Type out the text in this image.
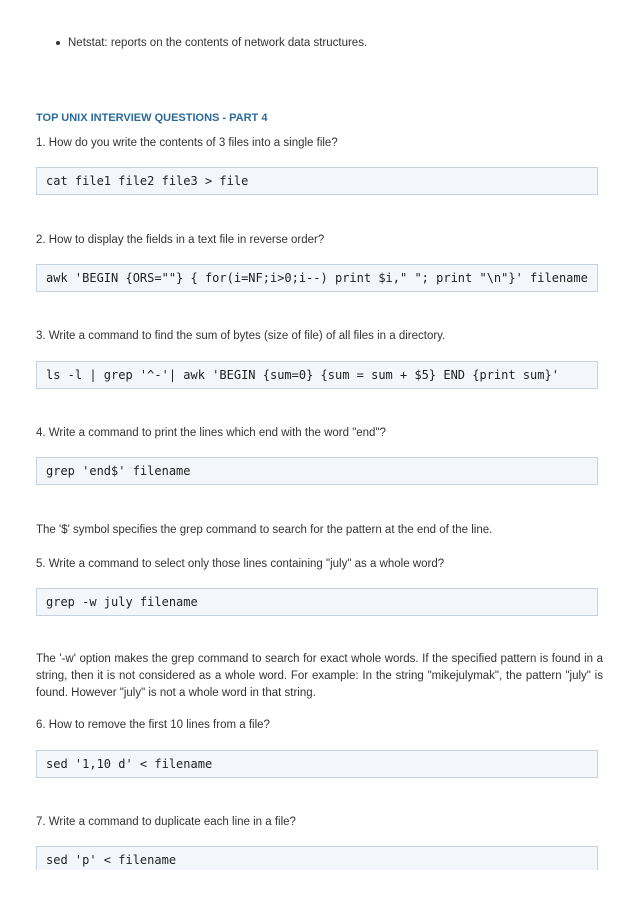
Netstat: reports on the contents of network data structures.
TOP UNIX INTERVIEW QUESTIONS - PART 4
1. How do you write the contents of 3 files into a single file?
cat file1 file2 file3 > file
2. How to display the fields in a text file in reverse order?
awk 'BEGIN {ORS=""} { for(i=NF;i>0;i--) print $i," "; print "\n"}' filename
3. Write a command to find the sum of bytes (size of file) of all files in a directory.
ls -l | grep '^-'| awk 'BEGIN {sum=0} {sum = sum + $5} END {print sum}'
4. Write a command to print the lines which end with the word "end"?
grep 'end$' filename
The '$' symbol specifies the grep command to search for the pattern at the end of the line.
5. Write a command to select only those lines containing "july" as a whole word?
grep -w july filename
The '-w' option makes the grep command to search for exact whole words. If the specified pattern is found in a string, then it is not considered as a whole word. For example: In the string "mikejulymak", the pattern "july" is found. However "july" is not a whole word in that string.
6. How to remove the first 10 lines from a file?
sed '1,10 d' < filename
7. Write a command to duplicate each line in a file?
sed 'p' < filename
